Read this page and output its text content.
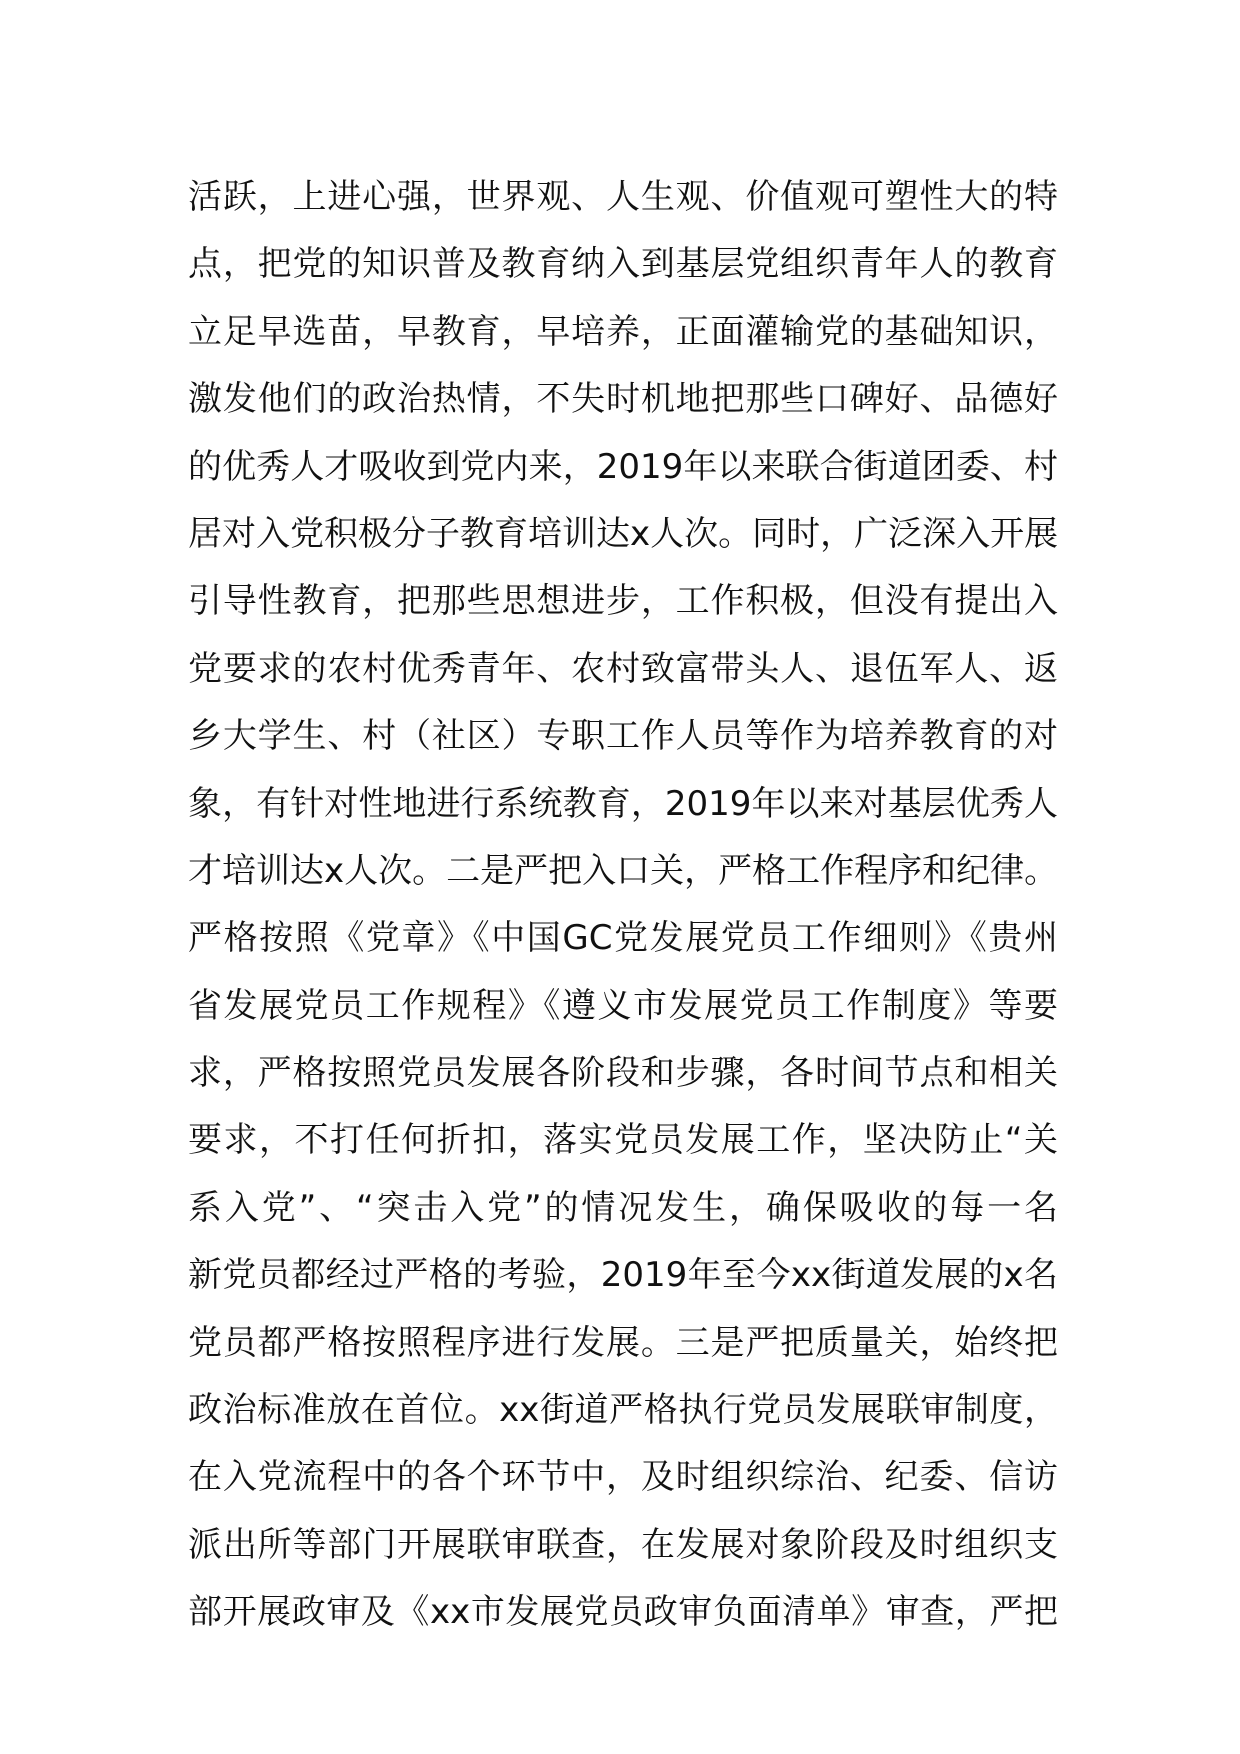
活跃，上进心强，世界观、人生观、价值观可塑性大的特
点，把党的知识普及教育纳入到基层党组织青年人的教育
立足早选苗，早教育，早培养，正面灌输党的基础知识，
激发他们的政治热情，不失时机地把那些口碑好、品德好
的优秀人才吸收到党内来，2019年以来联合街道团委、村
居对入党积极分子教育培训达x人次。同时，广泛深入开展
引导性教育，把那些思想进步，工作积极，但没有提出入
党要求的农村优秀青年、农村致富带头人、退伍军人、返
乡大学生、村（社区）专职工作人员等作为培养教育的对
象，有针对性地进行系统教育，2019年以来对基层优秀人
才培训达x人次。二是严把入口关，严格工作程序和纪律。
严格按照《党章》《中国GC党发展党员工作细则》《贵州
省发展党员工作规程》《遵义市发展党员工作制度》等要
求，严格按照党员发展各阶段和步骤，各时间节点和相关
要求，不打任何折扣，落实党员发展工作，坚决防止“关
系入党”、“突击入党”的情况发生，确保吸收的每一名
新党员都经过严格的考验，2019年至今xx街道发展的x名
党员都严格按照程序进行发展。三是严把质量关，始终把
政治标准放在首位。xx街道严格执行党员发展联审制度，
在入党流程中的各个环节中，及时组织综治、纪委、信访
派出所等部门开展联审联查，在发展对象阶段及时组织支
部开展政审及《xx市发展党员政审负面清单》审查，严把
